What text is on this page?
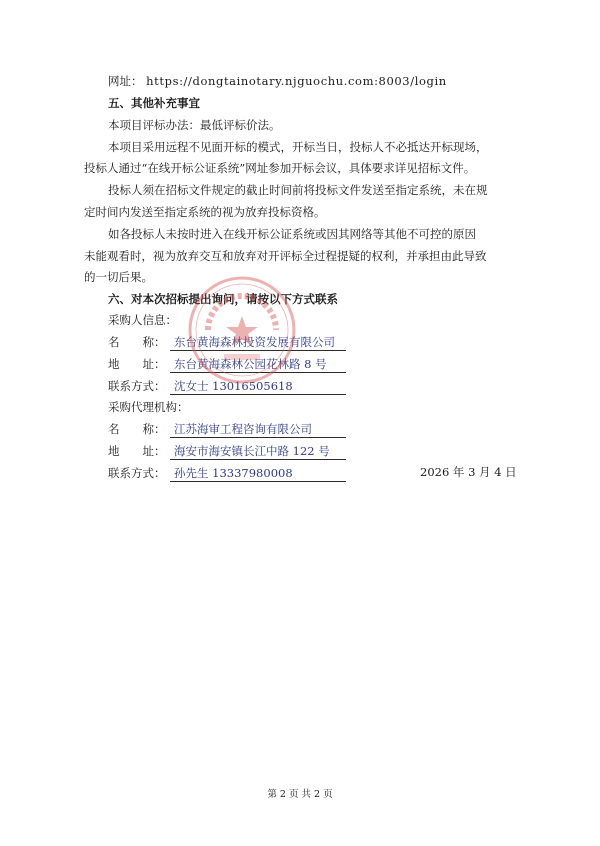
网址： https://dongtainotary.njguochu.com:8003/login
五、其他补充事宜
本项目评标办法：最低评标价法。
本项目采用远程不见面开标的模式，开标当日，投标人不必抵达开标现场，
投标人通过“在线开标公证系统”网址参加开标会议，具体要求详见招标文件。
投标人须在招标文件规定的截止时间前将投标文件发送至指定系统，未在规
定时间内发送至指定系统的视为放弃投标资格。
如各投标人未按时进入在线开标公证系统或因其网络等其他不可控的原因
未能观看时，视为放弃交互和放弃对开评标全过程提疑的权利，并承担由此导致
的一切后果。
六、对本次招标提出询问，请按以下方式联系
采购人信息：
名　　称： 东台黄海森林投资发展有限公司
地　　址： 东台黄海森林公园花林路 8 号
联系方式： 沈女士 13016505618
采购代理机构：
名　　称： 江苏海审工程咨询有限公司
地　　址： 海安市海安镇长江中路 122 号
联系方式： 孙先生 13337980008	2026 年 3 月 4 日
第 2 页 共 2 页
